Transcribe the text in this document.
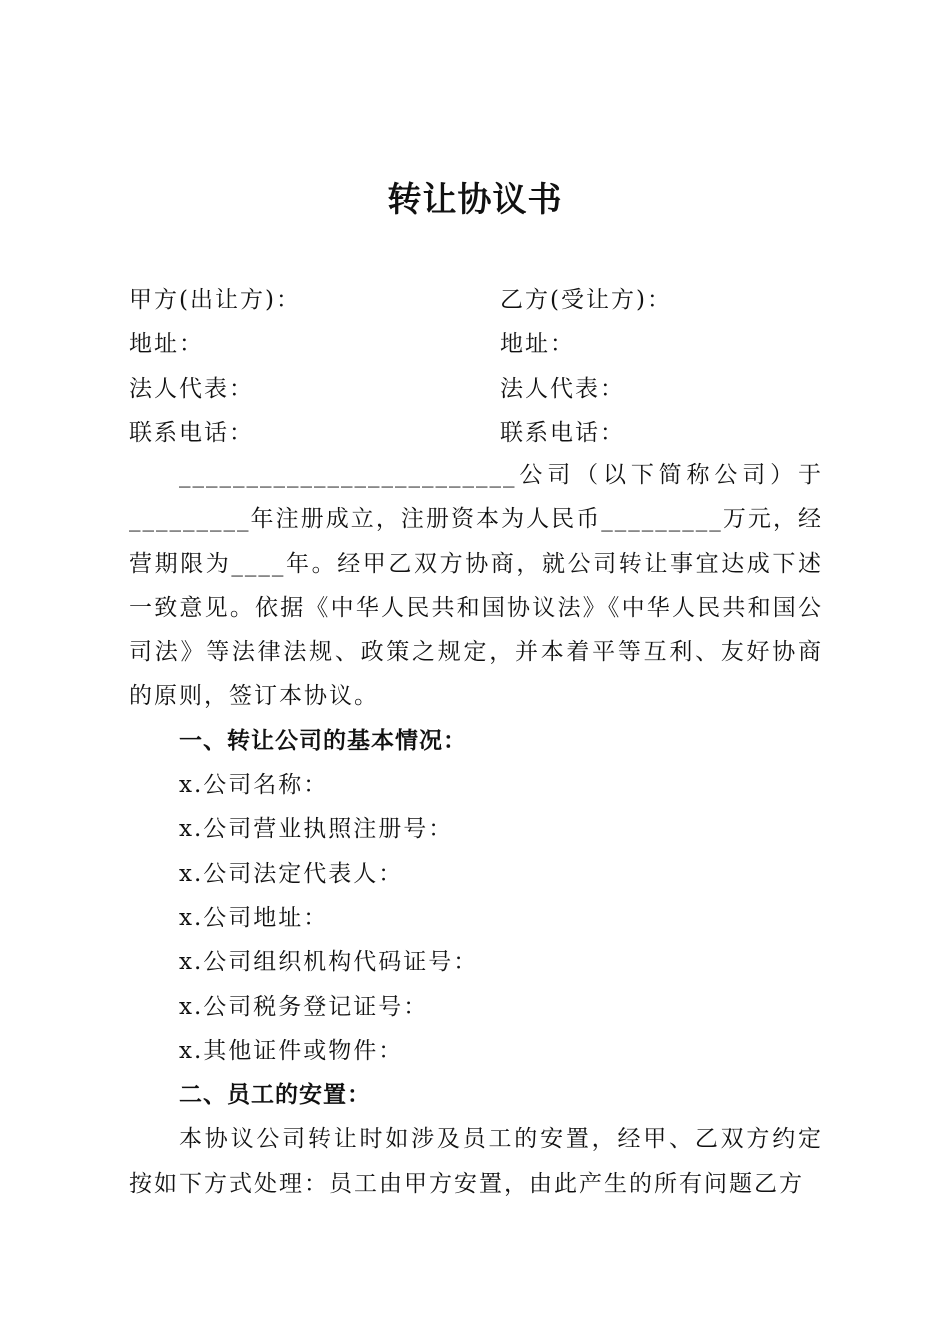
转让协议书
甲方(出让方)：	乙方(受让方)：
地址：	地址：
法人代表：	法人代表：
联系电话：	联系电话：

_________________________公司（以下简称公司）于_________年注册成立，注册资本为人民币_________万元，经营期限为____年。经甲乙双方协商，就公司转让事宜达成下述一致意见。依据《中华人民共和国协议法》《中华人民共和国公司法》等法律法规、政策之规定，并本着平等互利、友好协商的原则，签订本协议。

一、转让公司的基本情况：

x.公司名称：

x.公司营业执照注册号：

x.公司法定代表人：

x.公司地址：

x.公司组织机构代码证号：

x.公司税务登记证号：

x.其他证件或物件：

二、员工的安置：

本协议公司转让时如涉及员工的安置，经甲、乙双方约定按如下方式处理：员工由甲方安置，由此产生的所有问题乙方
